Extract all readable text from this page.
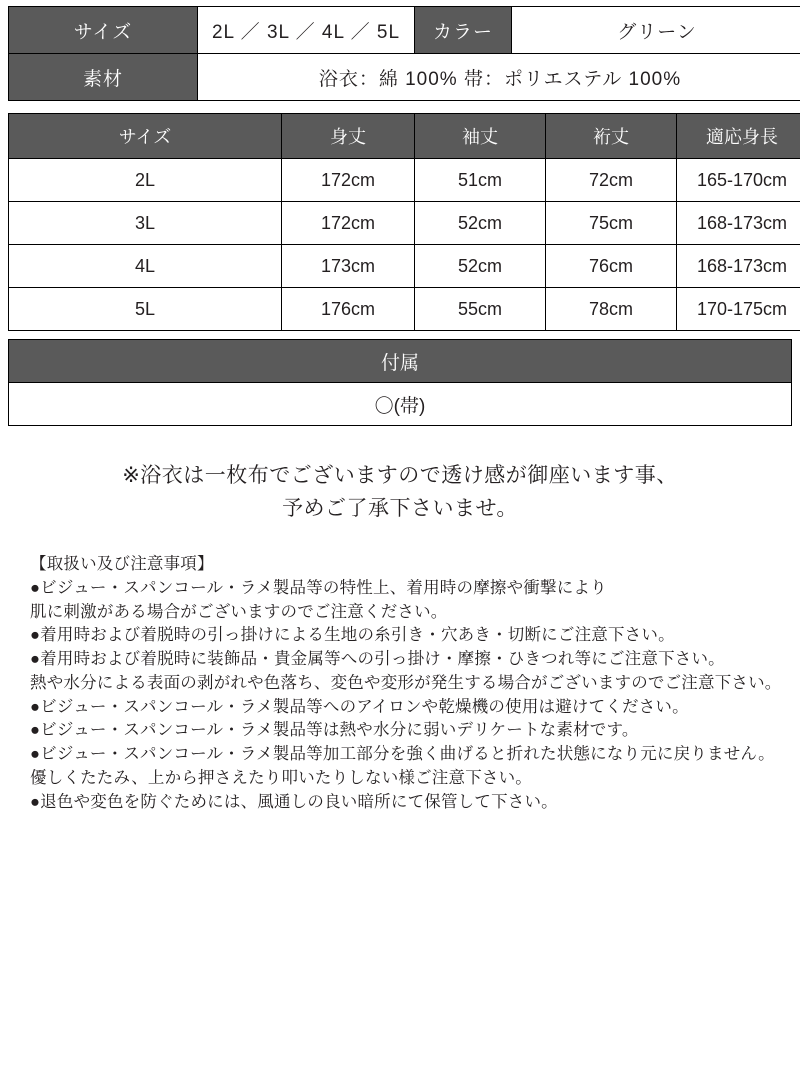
サイズ	2L ／ 3L ／ 4L ／ 5L	カラー	グリーン
素材	浴衣：綿 100% 帯：ポリエステル 100%		
サイズ	身丈	袖丈	裄丈	適応身長
2L	172cm	51cm	72cm	165-170cm
3L	172cm	52cm	75cm	168-173cm
4L	173cm	52cm	76cm	168-173cm
5L	176cm	55cm	78cm	170-175cm
付属
〇(帯)
※浴衣は一枚布でございますので透け感が御座います事、
予めご了承下さいませ。
【取扱い及び注意事項】
●ビジュー・スパンコール・ラメ製品等の特性上、着用時の摩擦や衝撃により
肌に刺激がある場合がございますのでご注意ください。
●着用時および着脱時の引っ掛けによる生地の糸引き・穴あき・切断にご注意下さい。
●着用時および着脱時に装飾品・貴金属等への引っ掛け・摩擦・ひきつれ等にご注意下さい。
熱や水分による表面の剥がれや色落ち、変色や変形が発生する場合がございますのでご注意下さい。
●ビジュー・スパンコール・ラメ製品等へのアイロンや乾燥機の使用は避けてください。
●ビジュー・スパンコール・ラメ製品等は熱や水分に弱いデリケートな素材です。
●ビジュー・スパンコール・ラメ製品等加工部分を強く曲げると折れた状態になり元に戻りません。
優しくたたみ、上から押さえたり叩いたりしない様ご注意下さい。
●退色や変色を防ぐためには、風通しの良い暗所にて保管して下さい。
